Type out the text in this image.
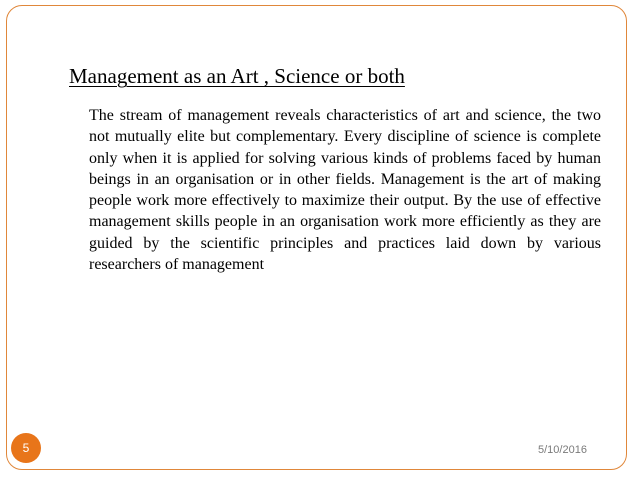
Management as an Art , Science or both

The stream of management reveals characteristics of art and science, the two not mutually elite but complementary. Every discipline of science is complete only when it is applied for solving various kinds of problems faced by human beings in an organisation or in other fields. Management is the art of making people work more effectively to maximize their output. By the use of effective management skills people in an organisation work more efficiently as they are guided by the scientific principles and practices laid down by various researchers of management

5	5/10/2016
